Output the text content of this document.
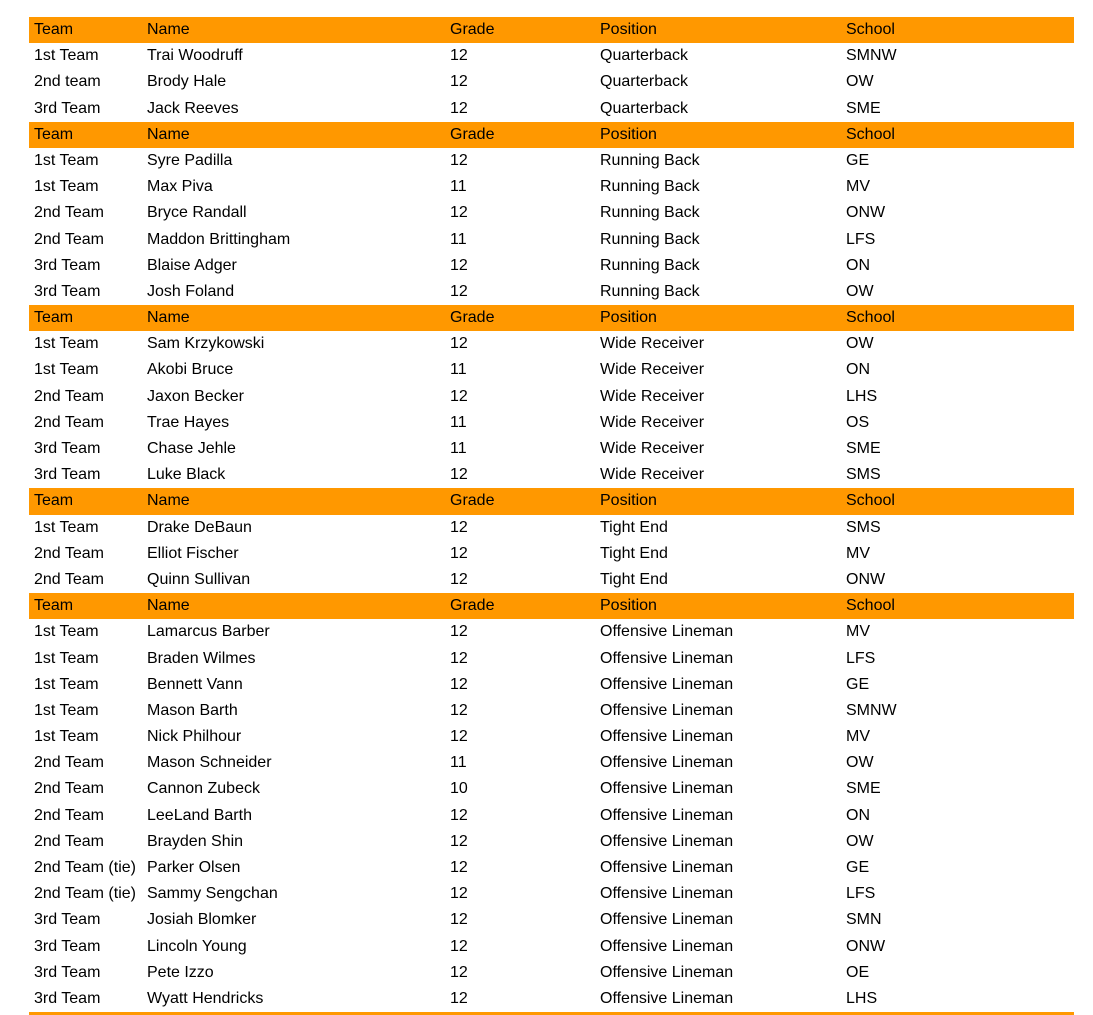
Team	Name	Grade	Position	School
1st Team	Trai Woodruff	12	Quarterback	SMNW
2nd team	Brody Hale	12	Quarterback	OW
3rd Team	Jack Reeves	12	Quarterback	SME
Team	Name	Grade	Position	School
1st Team	Syre Padilla	12	Running Back	GE
1st Team	Max Piva	11	Running Back	MV
2nd Team	Bryce Randall	12	Running Back	ONW
2nd Team	Maddon Brittingham	11	Running Back	LFS
3rd Team	Blaise Adger	12	Running Back	ON
3rd Team	Josh Foland	12	Running Back	OW
Team	Name	Grade	Position	School
1st Team	Sam Krzykowski	12	Wide Receiver	OW
1st Team	Akobi Bruce	11	Wide Receiver	ON
2nd Team	Jaxon Becker	12	Wide Receiver	LHS
2nd Team	Trae Hayes	11	Wide Receiver	OS
3rd Team	Chase Jehle	11	Wide Receiver	SME
3rd Team	Luke Black	12	Wide Receiver	SMS
Team	Name	Grade	Position	School
1st Team	Drake DeBaun	12	Tight End	SMS
2nd Team	Elliot Fischer	12	Tight End	MV
2nd Team	Quinn Sullivan	12	Tight End	ONW
Team	Name	Grade	Position	School
1st Team	Lamarcus Barber	12	Offensive Lineman	MV
1st Team	Braden Wilmes	12	Offensive Lineman	LFS
1st Team	Bennett Vann	12	Offensive Lineman	GE
1st Team	Mason Barth	12	Offensive Lineman	SMNW
1st Team	Nick Philhour	12	Offensive Lineman	MV
2nd Team	Mason Schneider	11	Offensive Lineman	OW
2nd Team	Cannon Zubeck	10	Offensive Lineman	SME
2nd Team	LeeLand Barth	12	Offensive Lineman	ON
2nd Team	Brayden Shin	12	Offensive Lineman	OW
2nd Team (tie) Parker Olsen	12	Offensive Lineman	GE
2nd Team (tie) Sammy Sengchan	12	Offensive Lineman	LFS
3rd Team	Josiah Blomker	12	Offensive Lineman	SMN
3rd Team	Lincoln Young	12	Offensive Lineman	ONW
3rd Team	Pete Izzo	12	Offensive Lineman	OE
3rd Team	Wyatt Hendricks	12	Offensive Lineman	LHS
